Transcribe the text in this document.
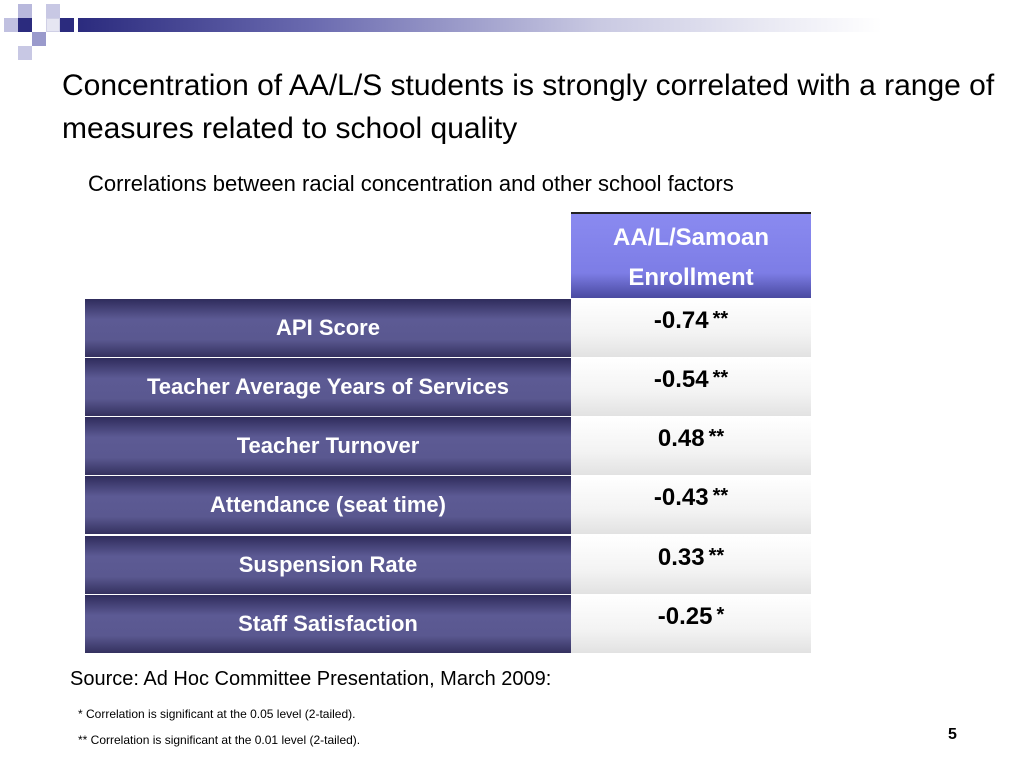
Concentration of AA/L/S students is strongly correlated with a range of measures related to school quality
Correlations between racial concentration and other school factors
AA/L/Samoan Enrollment
API Score	-0.74 **
Teacher Average Years of Services	-0.54 **
Teacher Turnover	0.48 **
Attendance (seat time)	-0.43 **
Suspension Rate	0.33 **
Staff Satisfaction	-0.25 *
Source: Ad Hoc Committee Presentation, March 2009:
* Correlation is significant at the 0.05 level (2-tailed).
** Correlation is significant at the 0.01 level (2-tailed).	5
